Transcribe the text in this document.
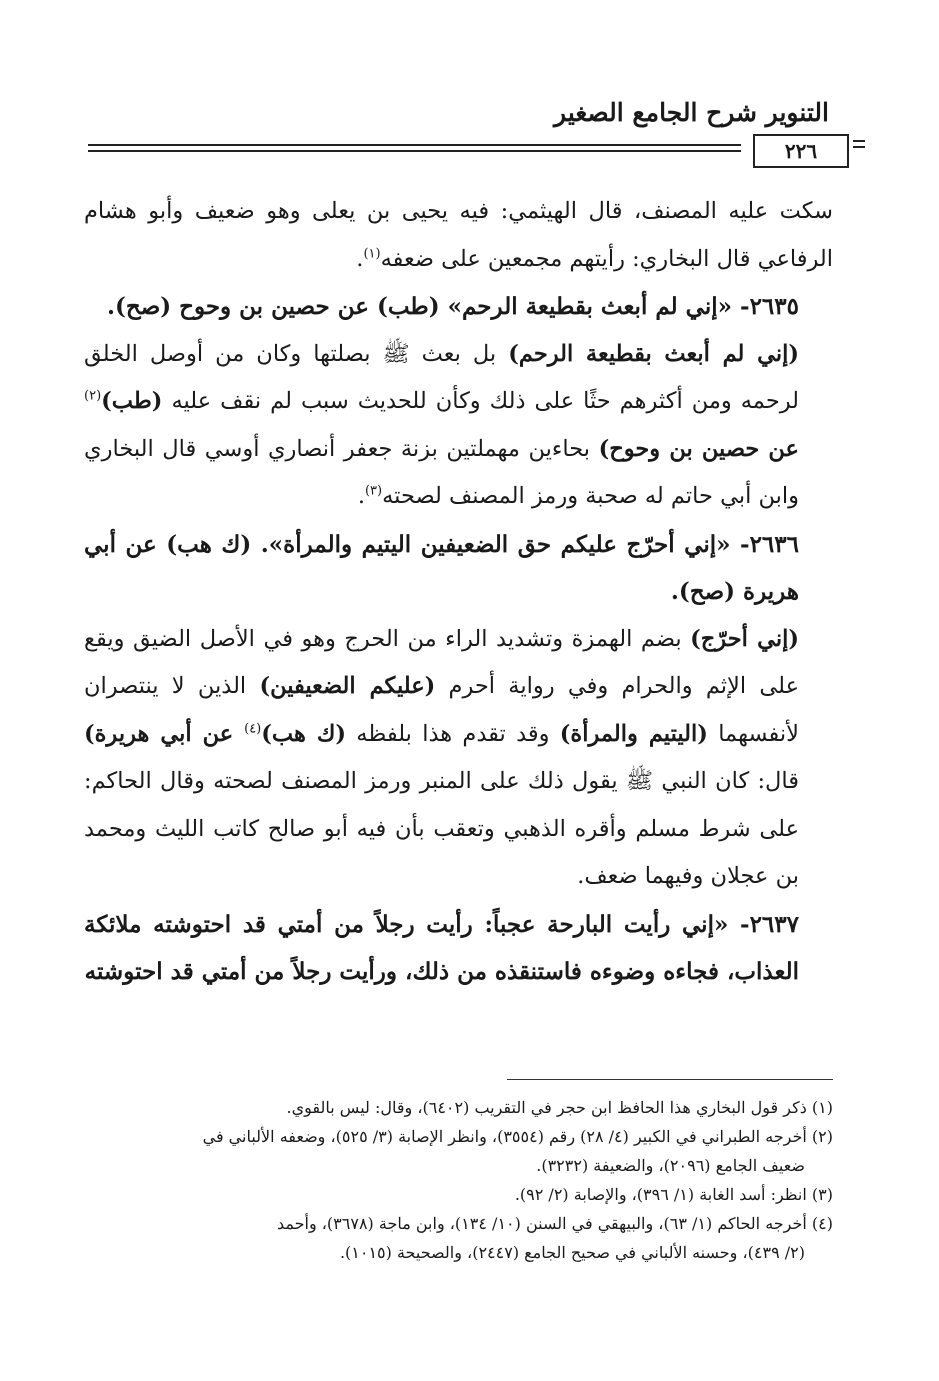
التنوير شرح الجامع الصغير
٢٢٦

سكت عليه المصنف، قال الهيثمي: فيه يحيى بن يعلى وهو ضعيف وأبو هشام الرفاعي قال البخاري: رأيتهم مجمعين على ضعفه$^{(١)}$.

٢٦٣٥- «إني لم أبعث بقطيعة الرحم» (طب) عن حصين بن وحوح (صح).

(إني لم أبعث بقطيعة الرحم) بل بعث ﷺ بصلتها وكان من أوصل الخلق لرحمه ومن أكثرهم حثًا على ذلك وكأن للحديث سبب لم نقف عليه (طب)$^{(٢)}$ عن حصين بن وحوح) بحاءين مهملتين بزنة جعفر أنصاري أوسي قال البخاري وابن أبي حاتم له صحبة ورمز المصنف لصحته$^{(٣)}$.

٢٦٣٦- «إني أحرّج عليكم حق الضعيفين اليتيم والمرأة». (ك هب) عن أبي هريرة (صح).

(إني أحرّج) بضم الهمزة وتشديد الراء من الحرج وهو في الأصل الضيق ويقع على الإثم والحرام وفي رواية أحرم (عليكم الضعيفين) الذين لا ينتصران لأنفسهما (اليتيم والمرأة) وقد تقدم هذا بلفظه (ك هب)$^{(٤)}$ عن أبي هريرة) قال: كان النبي ﷺ يقول ذلك على المنبر ورمز المصنف لصحته وقال الحاكم: على شرط مسلم وأقره الذهبي وتعقب بأن فيه أبو صالح كاتب الليث ومحمد بن عجلان وفيهما ضعف.

٢٦٣٧- «إني رأيت البارحة عجباً: رأيت رجلاً من أمتي قد احتوشته ملائكة العذاب، فجاءه وضوءه فاستنقذه من ذلك، ورأيت رجلاً من أمتي قد احتوشته

(١) ذكر قول البخاري هذا الحافظ ابن حجر في التقريب (٦٤٠٢)، وقال: ليس بالقوي.

(٢) أخرجه الطبراني في الكبير (٤/ ٢٨) رقم (٣٥٥٤)، وانظر الإصابة (٣/ ٥٢٥)، وضعفه الألباني في

ضعيف الجامع (٢٠٩٦)، والضعيفة (٣٢٣٢).

(٣) انظر: أسد الغابة (١/ ٣٩٦)، والإصابة (٢/ ٩٢).

(٤) أخرجه الحاكم (١/ ٦٣)، والبيهقي في السنن (١٠/ ١٣٤)، وابن ماجة (٣٦٧٨)، وأحمد

(٢/ ٤٣٩)، وحسنه الألباني في صحيح الجامع (٢٤٤٧)، والصحيحة (١٠١٥).
